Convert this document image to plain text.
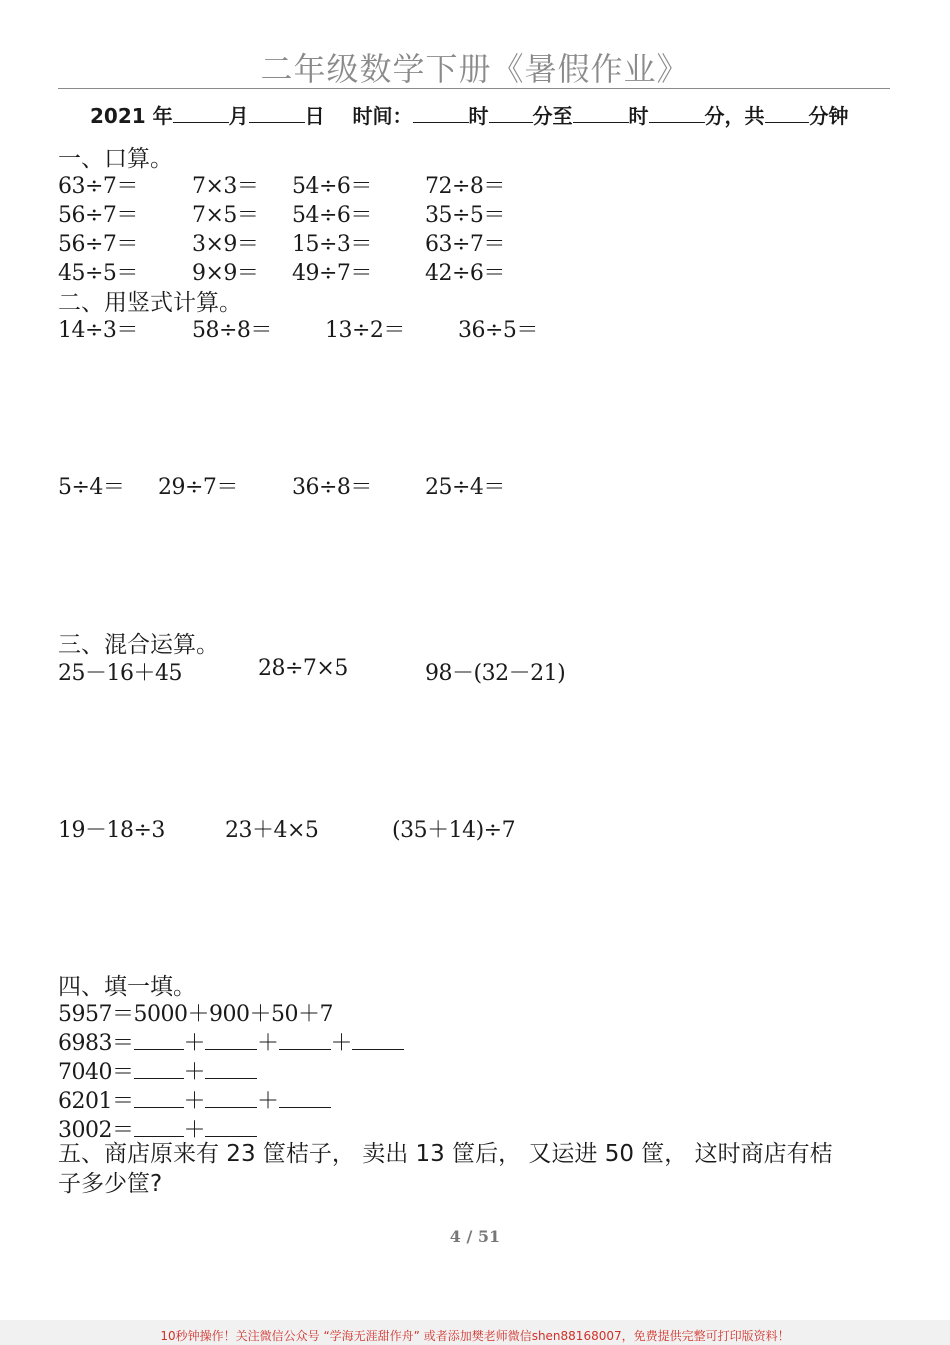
二年级数学下册《暑假作业》
2021 年	月	日 时间：	时 分至	时	分，共 分钟
一、口算。
63÷7＝ 7×3＝ 54÷6＝ 72÷8＝
56÷7＝ 7×5＝ 54÷6＝ 35÷5＝
56÷7＝ 3×9＝ 15÷3＝ 63÷7＝
45÷5＝ 9×9＝ 49÷7＝ 42÷6＝
二、用竖式计算。
14÷3＝ 58÷8＝ 13÷2＝ 36÷5＝
5÷4＝ 29÷7＝ 36÷8＝ 25÷4＝
三、混合运算。
25－16＋45	28÷7×5	98－(32－21)
19－18÷3	23＋4×5	(35＋14)÷7
四、填一填。
5957＝5000＋900＋50＋7
6983＝ ＋ ＋ ＋
7040＝ ＋
6201＝ ＋ ＋
3002＝ ＋
五、商店原来有 23 筐桔子， 卖出 13 筐后， 又运进 50 筐， 这时商店有桔
子多少筐?
4 / 51
10秒钟操作！关注微信公众号 “学海无涯甜作舟” 或者添加樊老师微信shen88168007，免费提供完整可打印版资料！
